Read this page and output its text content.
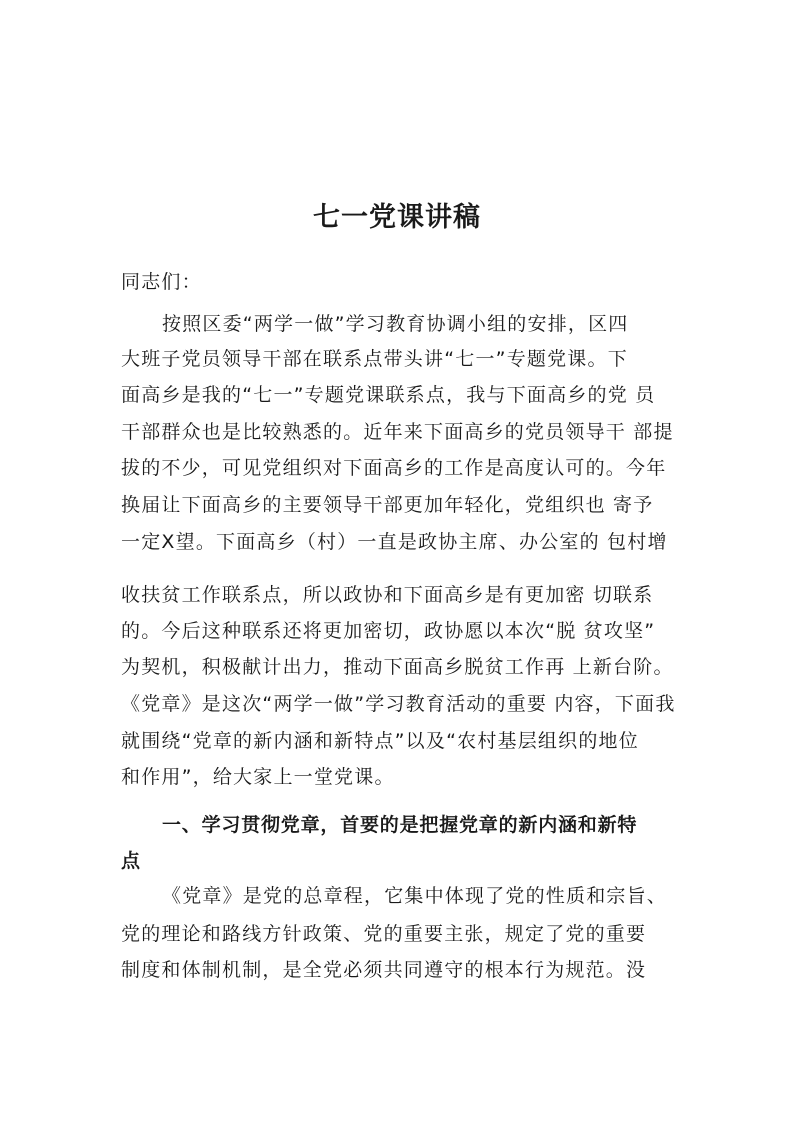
七一党课讲稿
同志们：
按照区委“两学一做”学习教育协调小组的安排，区四
大班子党员领导干部在联系点带头讲“七一”专题党课。下
面高乡是我的“七一”专题党课联系点，我与下面高乡的党 员
干部群众也是比较熟悉的。近年来下面高乡的党员领导干 部提
拔的不少，可见党组织对下面高乡的工作是高度认可的。今年
换届让下面高乡的主要领导干部更加年轻化，党组织也 寄予
一定X望。下面高乡（村）一直是政协主席、办公室的 包村增
收扶贫工作联系点，所以政协和下面高乡是有更加密 切联系
的。今后这种联系还将更加密切，政协愿以本次“脱 贫攻坚”
为契机，积极献计出力，推动下面高乡脱贫工作再 上新台阶。
《党章》是这次“两学一做”学习教育活动的重要 内容，下面我
就围绕“党章的新内涵和新特点”以及“农村基层组织的地位
和作用”，给大家上一堂党课。
一、学习贯彻党章，首要的是把握党章的新内涵和新特
点
《党章》是党的总章程，它集中体现了党的性质和宗旨、
党的理论和路线方针政策、党的重要主张，规定了党的重要
制度和体制机制，是全党必须共同遵守的根本行为规范。没
